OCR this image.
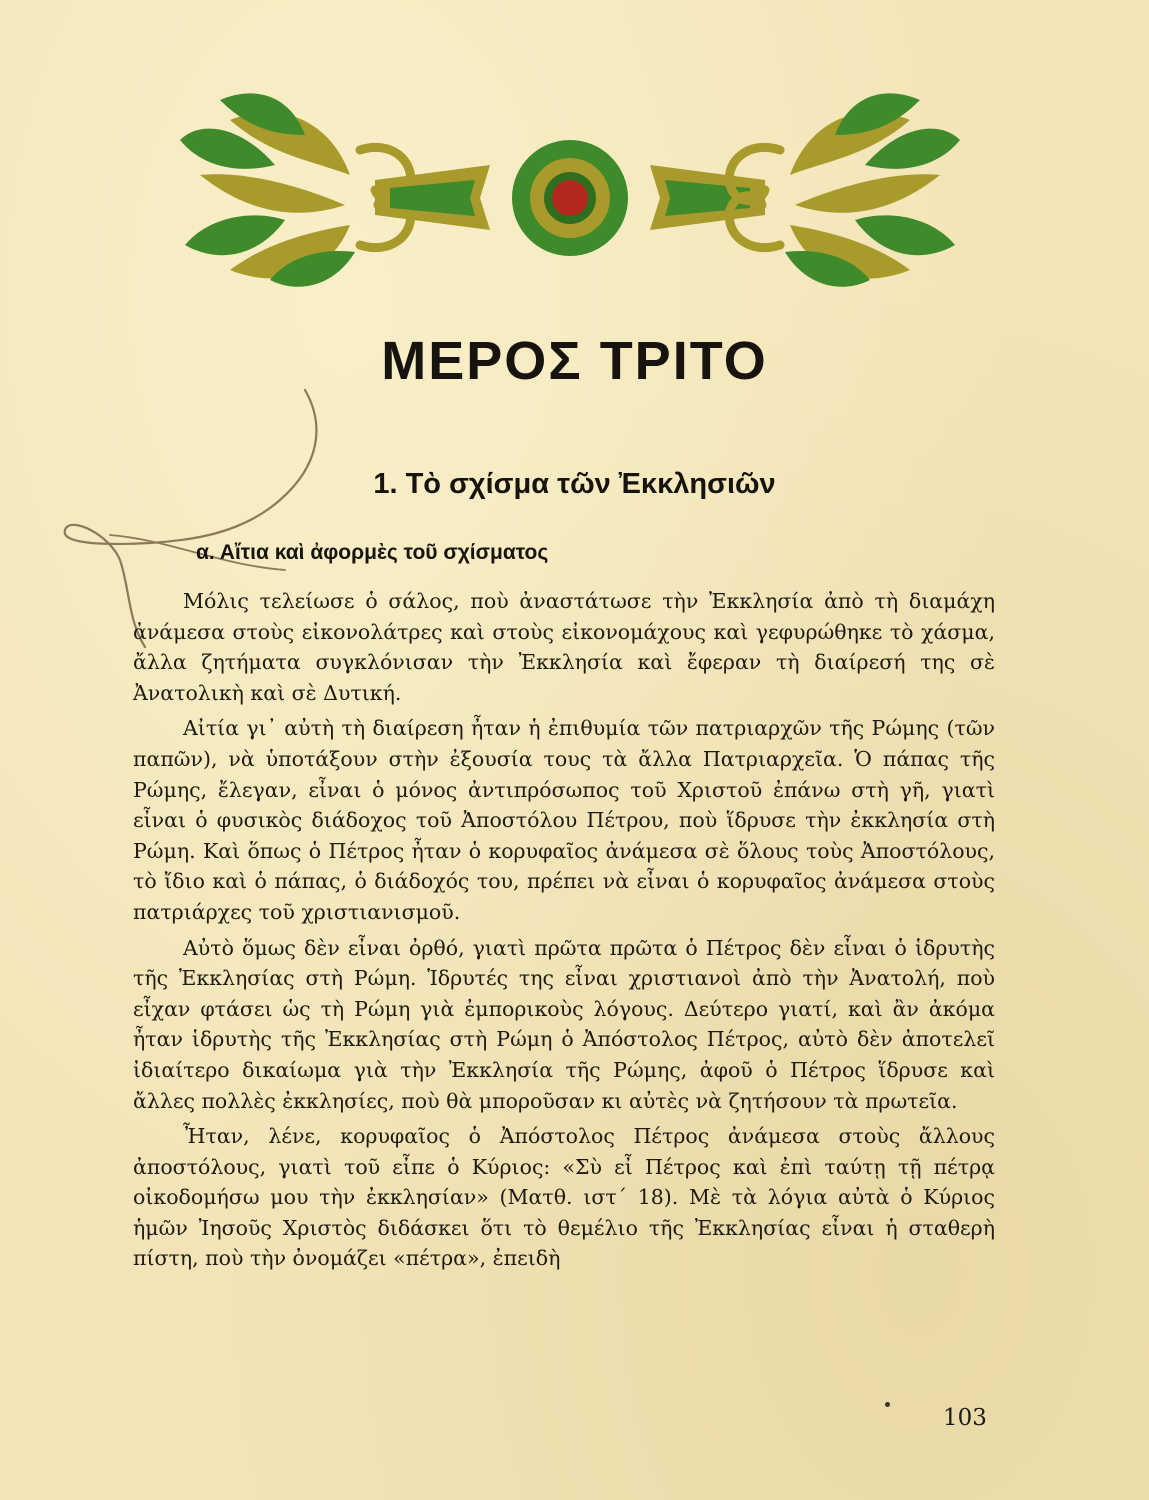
ΜΕΡΟΣ ΤΡΙΤΟ
1. Τὸ σχίσμα τῶν Ἐκκλησιῶν
α. Αἴτια καὶ ἀφορμὲς τοῦ σχίσματος

Μόλις τελείωσε ὁ σάλος, ποὺ ἀναστάτωσε τὴν Ἐκκλησία ἀπὸ τὴ διαμάχη ἀνάμεσα στοὺς εἰκονολάτρες καὶ στοὺς εἰκονομάχους καὶ γεφυρώθηκε τὸ χάσμα, ἄλλα ζητήματα συγκλόνισαν τὴν Ἐκκλησία καὶ ἔφεραν τὴ διαίρεσή της σὲ Ἀνατολικὴ καὶ σὲ Δυτική.

Αἰτία γι᾽ αὐτὴ τὴ διαίρεση ἦταν ἡ ἐπιθυμία τῶν πατριαρχῶν τῆς Ρώμης (τῶν παπῶν), νὰ ὑποτάξουν στὴν ἐξουσία τους τὰ ἄλλα Πατριαρχεῖα. Ὁ πάπας τῆς Ρώμης, ἔλεγαν, εἶναι ὁ μόνος ἀντιπρόσωπος τοῦ Χριστοῦ ἐπάνω στὴ γῆ, γιατὶ εἶναι ὁ φυσικὸς διάδοχος τοῦ Ἀποστόλου Πέτρου, ποὺ ἵδρυσε τὴν ἐκκλησία στὴ Ρώμη. Καὶ ὅπως ὁ Πέτρος ἦταν ὁ κορυφαῖος ἀνάμεσα σὲ ὅλους τοὺς Ἀποστόλους, τὸ ἴδιο καὶ ὁ πάπας, ὁ διάδοχός του, πρέπει νὰ εἶναι ὁ κορυφαῖος ἀνάμεσα στοὺς πατριάρχες τοῦ χριστιανισμοῦ.

Αὐτὸ ὅμως δὲν εἶναι ὀρθό, γιατὶ πρῶτα πρῶτα ὁ Πέτρος δὲν εἶναι ὁ ἱδρυτὴς τῆς Ἐκκλησίας στὴ Ρώμη. Ἱδρυτές της εἶναι χριστιανοὶ ἀπὸ τὴν Ἀνατολή, ποὺ εἶχαν φτάσει ὡς τὴ Ρώμη γιὰ ἐμπορικοὺς λόγους. Δεύτερο γιατί, καὶ ἂν ἀκόμα ἦταν ἱδρυτὴς τῆς Ἐκκλησίας στὴ Ρώμη ὁ Ἀπόστολος Πέτρος, αὐτὸ δὲν ἀποτελεῖ ἰδιαίτερο δικαίωμα γιὰ τὴν Ἐκκλησία τῆς Ρώμης, ἀφοῦ ὁ Πέτρος ἵδρυσε καὶ ἄλλες πολλὲς ἐκκλησίες, ποὺ θὰ μποροῦσαν κι αὐτὲς νὰ ζητήσουν τὰ πρωτεῖα.

Ἦταν, λένε, κορυφαῖος ὁ Ἀπόστολος Πέτρος ἀνάμεσα στοὺς ἄλλους ἀποστόλους, γιατὶ τοῦ εἶπε ὁ Κύριος: «Σὺ εἶ Πέτρος καὶ ἐπὶ ταύτῃ τῇ πέτρᾳ οἰκοδομήσω μου τὴν ἐκκλησίαν» (Ματθ. ιστ´ 18). Μὲ τὰ λόγια αὐτὰ ὁ Κύριος ἡμῶν Ἰησοῦς Χριστὸς διδάσκει ὅτι τὸ θεμέλιο τῆς Ἐκκλησίας εἶναι ἡ σταθερὴ πίστη, ποὺ τὴν ὀνομάζει «πέτρα», ἐπειδὴ

103
